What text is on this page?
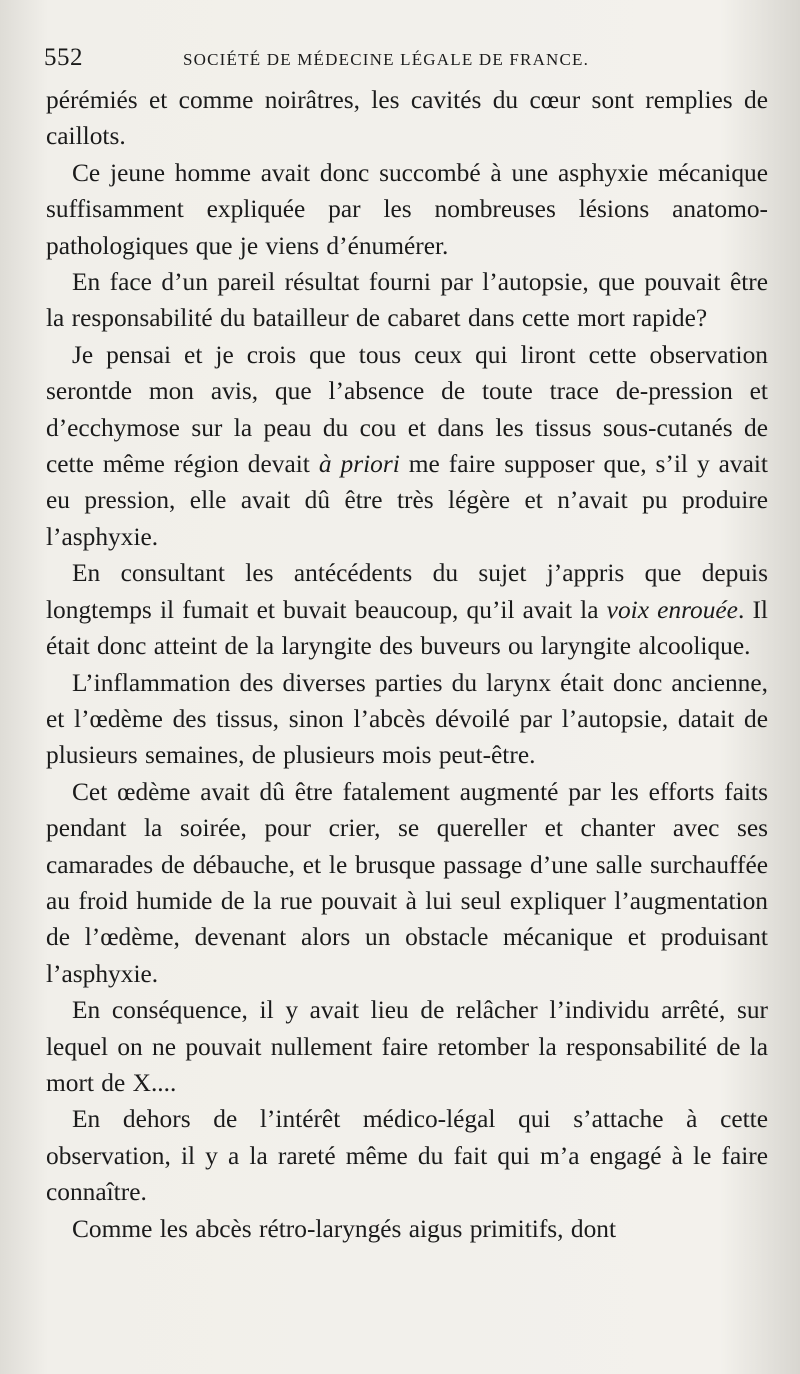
552	SOCIÉTÉ DE MÉDECINE LÉGALE DE FRANCE.

pérémiés et comme noirâtres, les cavités du cœur sont remplies de caillots.

Ce jeune homme avait donc succombé à une asphyxie mécanique suffisamment expliquée par les nombreuses lésions anatomo-pathologiques que je viens d’énumérer.

En face d’un pareil résultat fourni par l’autopsie, que pouvait être la responsabilité du batailleur de cabaret dans cette mort rapide?

Je pensai et je crois que tous ceux qui liront cette observation serontde mon avis, que l’absence de toute trace de-pression et d’ecchymose sur la peau du cou et dans les tissus sous-cutanés de cette même région devait à priori me faire supposer que, s’il y avait eu pression, elle avait dû être très légère et n’avait pu produire l’asphyxie.

En consultant les antécédents du sujet j’appris que depuis longtemps il fumait et buvait beaucoup, qu’il avait la voix enrouée. Il était donc atteint de la laryngite des buveurs ou laryngite alcoolique.

L’inflammation des diverses parties du larynx était donc ancienne, et l’œdème des tissus, sinon l’abcès dévoilé par l’autopsie, datait de plusieurs semaines, de plusieurs mois peut-être.

Cet œdème avait dû être fatalement augmenté par les efforts faits pendant la soirée, pour crier, se quereller et chanter avec ses camarades de débauche, et le brusque passage d’une salle surchauffée au froid humide de la rue pouvait à lui seul expliquer l’augmentation de l’œdème, devenant alors un obstacle mécanique et produisant l’asphyxie.

En conséquence, il y avait lieu de relâcher l’individu arrêté, sur lequel on ne pouvait nullement faire retomber la responsabilité de la mort de X....

En dehors de l’intérêt médico-légal qui s’attache à cette observation, il y a la rareté même du fait qui m’a engagé à le faire connaître.

Comme les abcès rétro-laryngés aigus primitifs, dont
